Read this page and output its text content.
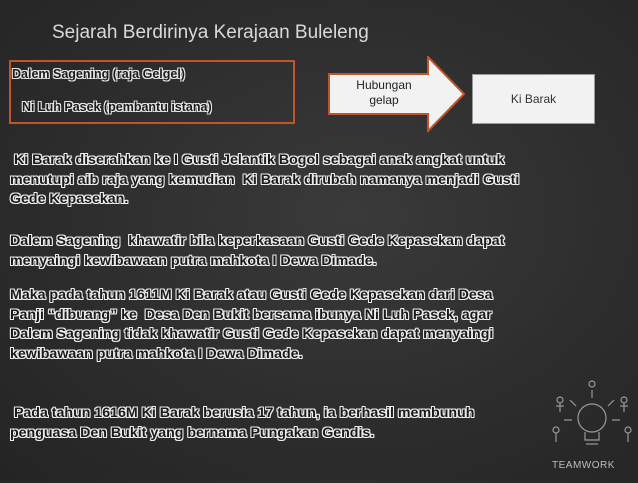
Sejarah Berdirinya Kerajaan Buleleng
Dalem Sagening (raja Gelgel)
Ni Luh Pasek (pembantu istana)
Hubungan
gelap	Ki Barak
Ki Barak diserahkan ke I Gusti Jelantik Bogol sebagai anak angkat untuk
menutupi aib raja yang kemudian  Ki Barak dirubah namanya menjadi Gusti
Gede Kepasekan.
Dalem Sagening  khawatir bila keperkasaan Gusti Gede Kepasekan dapat
menyaingi kewibawaan putra mahkota I Dewa Dimade.
Maka pada tahun 1611M Ki Barak atau Gusti Gede Kepasekan dari Desa
Panji “dibuang” ke  Desa Den Bukit bersama ibunya Ni Luh Pasek, agar
Dalem Sagening tidak khawatir Gusti Gede Kepasekan dapat menyaingi
kewibawaan putra mahkota I Dewa Dimade.
Pada tahun 1616M Ki Barak berusia 17 tahun, ia berhasil membunuh
penguasa Den Bukit yang bernama Pungakan Gendis.
TEAMWORK
